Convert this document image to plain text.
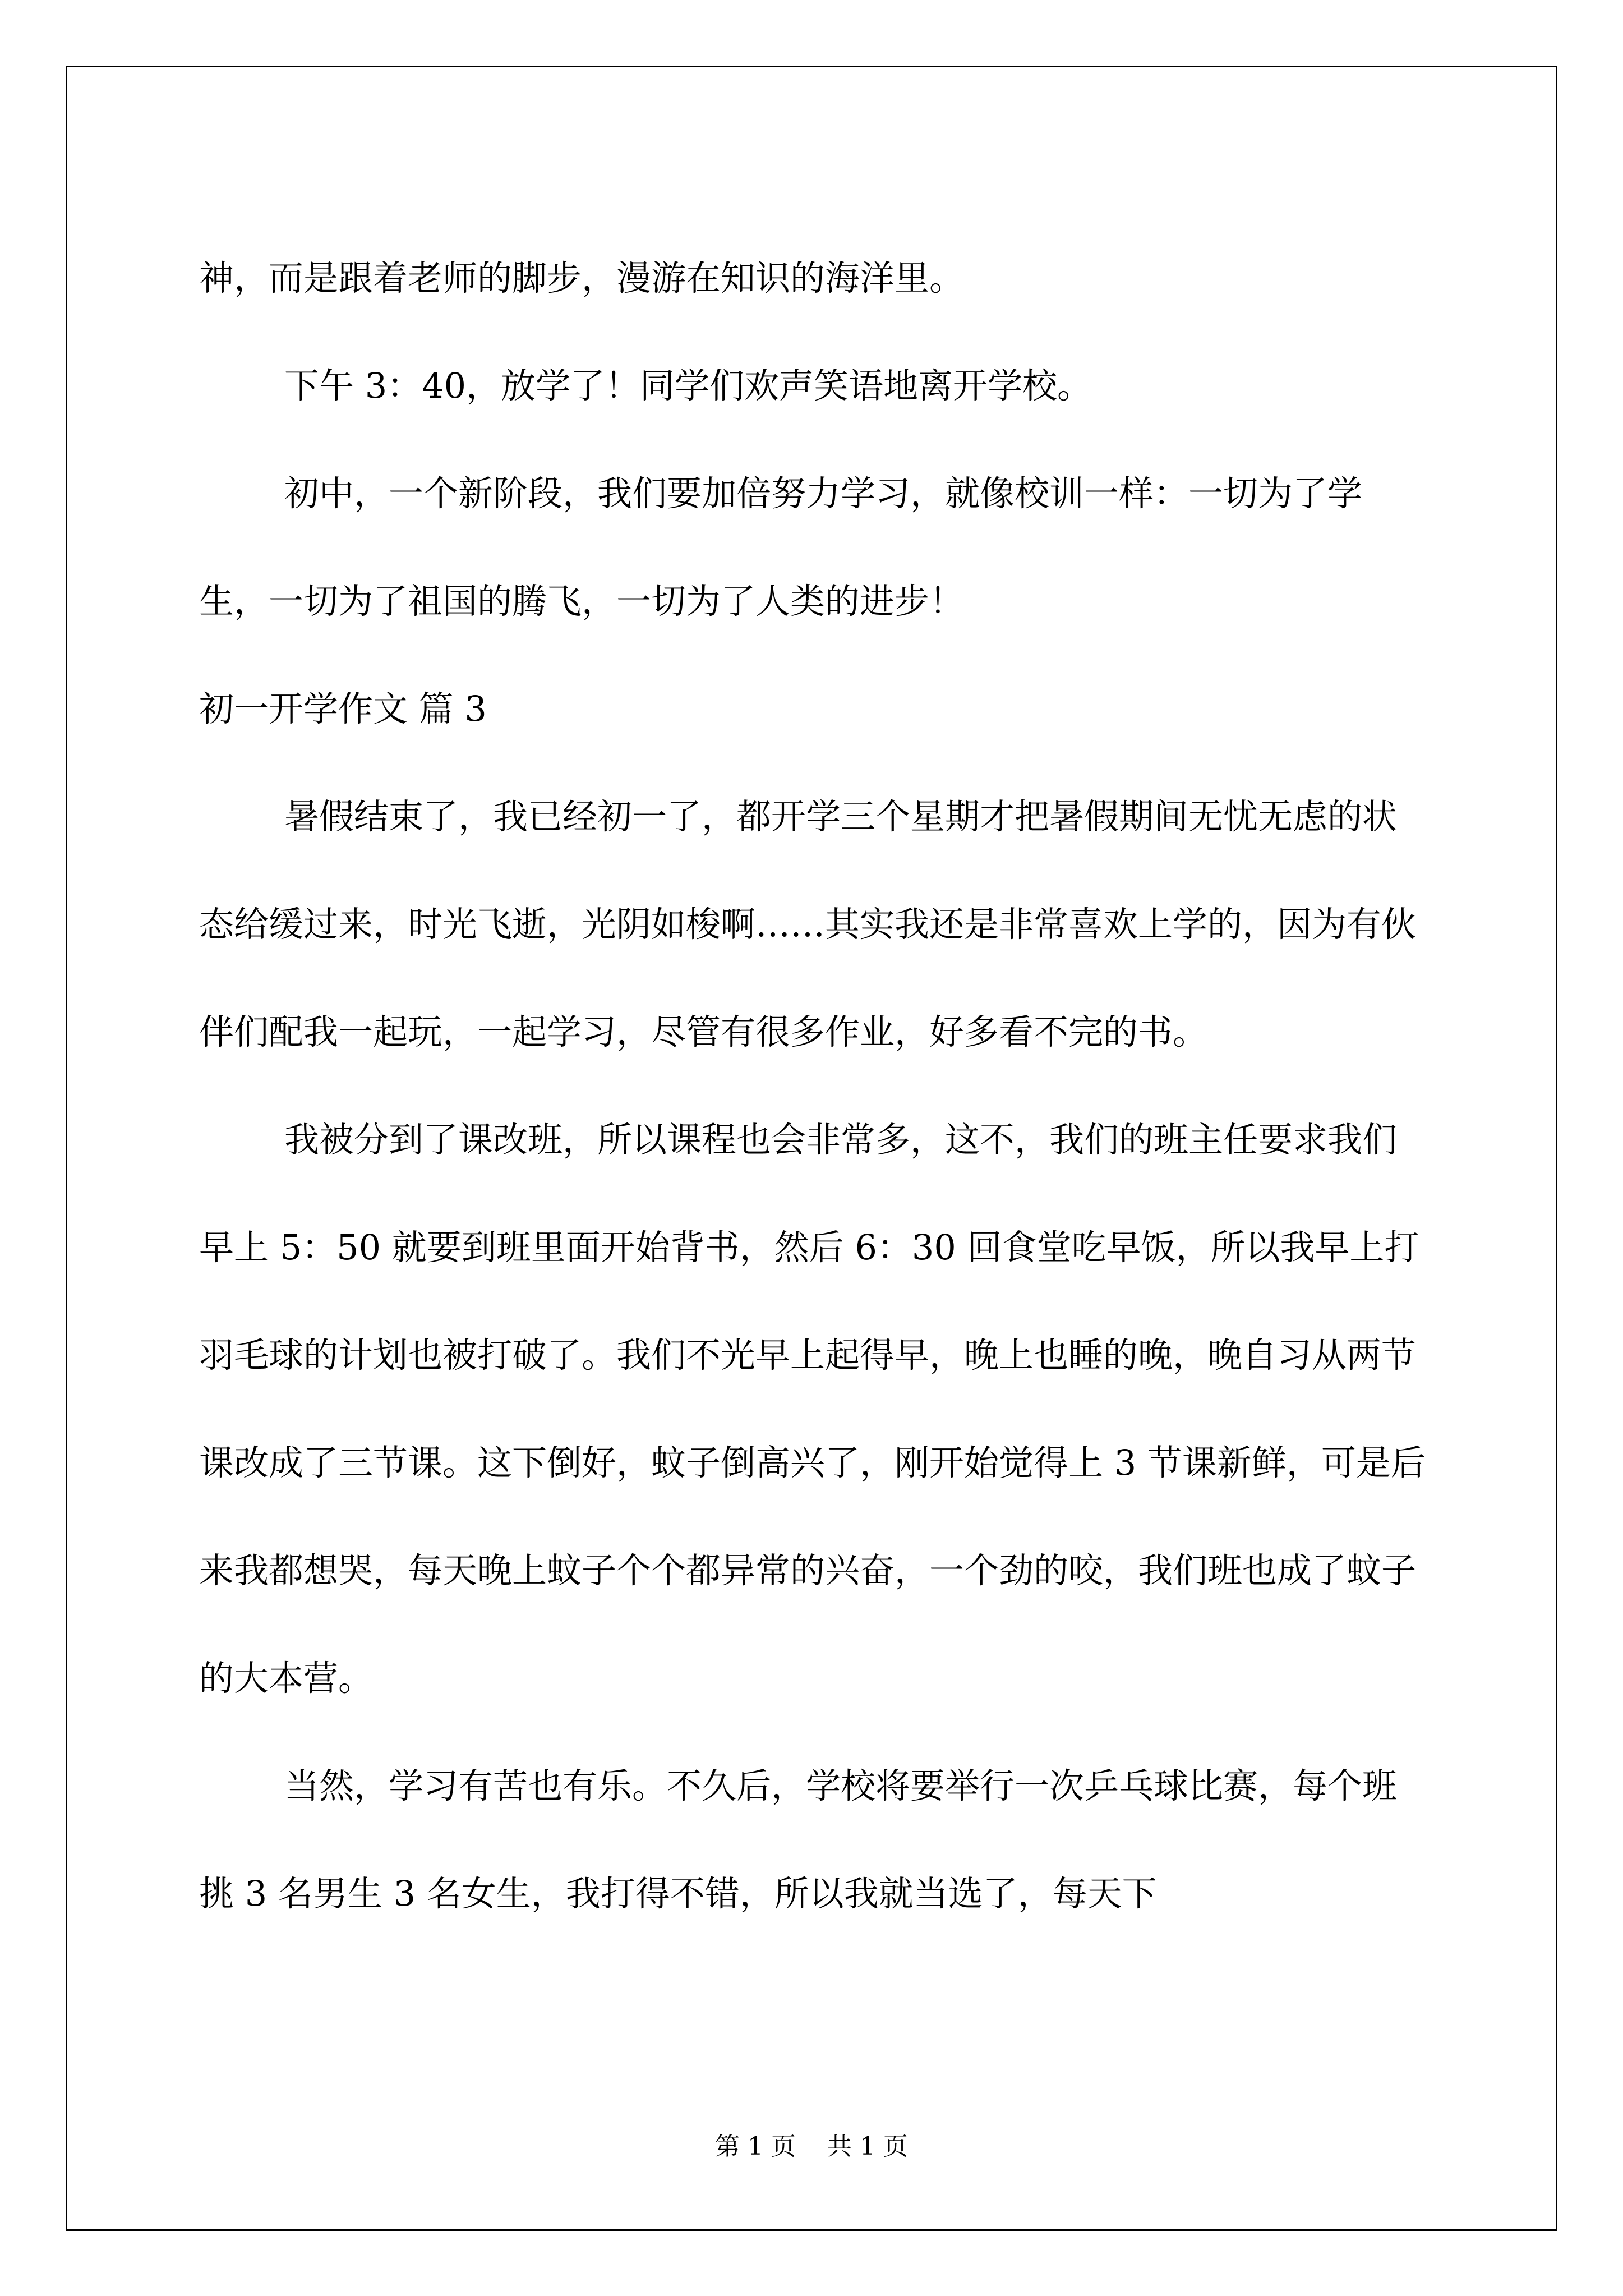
神，而是跟着老师的脚步，漫游在知识的海洋里。

下午 3：40，放学了！同学们欢声笑语地离开学校。

初中，一个新阶段，我们要加倍努力学习，就像校训一样：一切为了学生，一切为了祖国的腾飞，一切为了人类的进步！

初一开学作文 篇 3

暑假结束了，我已经初一了，都开学三个星期才把暑假期间无忧无虑的状态给缓过来，时光飞逝，光阴如梭啊……其实我还是非常喜欢上学的，因为有伙伴们配我一起玩，一起学习，尽管有很多作业，好多看不完的书。

我被分到了课改班，所以课程也会非常多，这不，我们的班主任要求我们早上 5：50 就要到班里面开始背书，然后 6：30 回食堂吃早饭，所以我早上打羽毛球的计划也被打破了。我们不光早上起得早，晚上也睡的晚，晚自习从两节课改成了三节课。这下倒好，蚊子倒高兴了，刚开始觉得上 3 节课新鲜，可是后来我都想哭，每天晚上蚊子个个都异常的兴奋，一个劲的咬，我们班也成了蚊子的大本营。

当然，学习有苦也有乐。不久后，学校将要举行一次乒乓球比赛，每个班挑 3 名男生 3 名女生，我打得不错，所以我就当选了，每天下

第 1 页    共 1 页
